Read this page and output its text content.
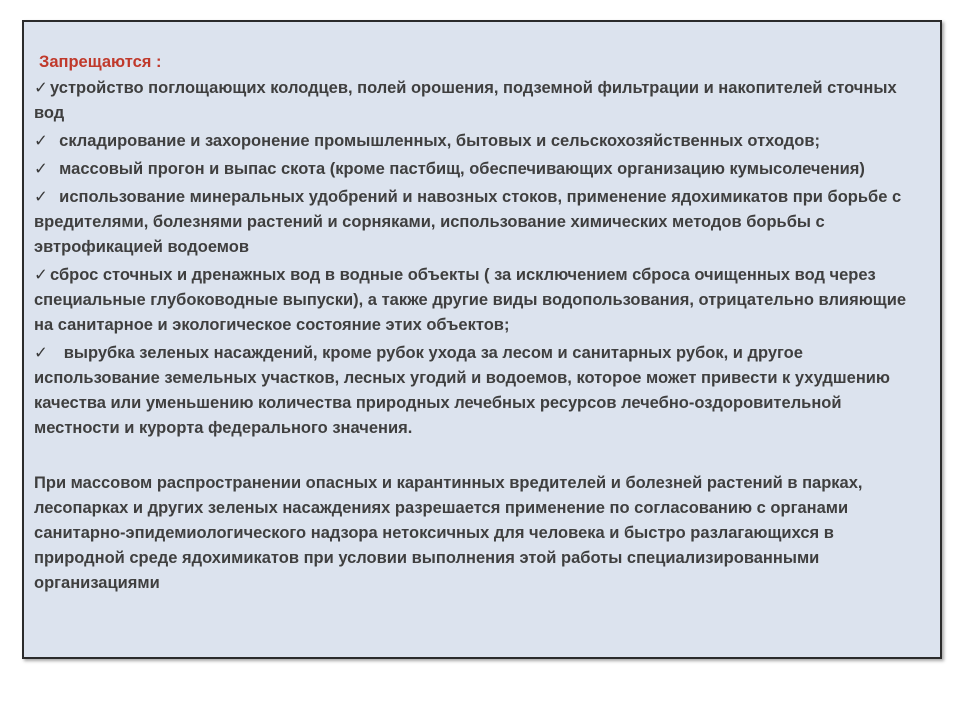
Запрещаются :
✓ устройство поглощающих колодцев, полей орошения, подземной фильтрации и накопителей сточных вод
✓ складирование и захоронение промышленных, бытовых и сельскохозяйственных отходов;
✓ массовый прогон и выпас скота (кроме пастбищ, обеспечивающих организацию кумысолечения)
✓ использование минеральных удобрений и навозных стоков, применение ядохимикатов при борьбе с вредителями, болезнями растений и сорняками, использование химических методов борьбы с эвтрофикацией водоемов
✓ сброс сточных и дренажных вод в водные объекты ( за исключением сброса очищенных вод через специальные глубоководные выпуски), а также другие виды водопользования, отрицательно влияющие на санитарное и экологическое состояние этих объектов;
✓ вырубка зеленых насаждений, кроме рубок ухода за лесом и санитарных рубок, и другое использование земельных участков, лесных угодий и водоемов, которое может привести к ухудшению качества или уменьшению количества природных лечебных ресурсов лечебно-оздоровительной местности и курорта федерального значения.
При массовом распространении опасных и карантинных вредителей и болезней растений в парках, лесопарках и других зеленых насаждениях разрешается применение по согласованию с органами санитарно-эпидемиологического надзора нетоксичных для человека и быстро разлагающихся в природной среде ядохимикатов при условии выполнения этой работы специализированными организациями
